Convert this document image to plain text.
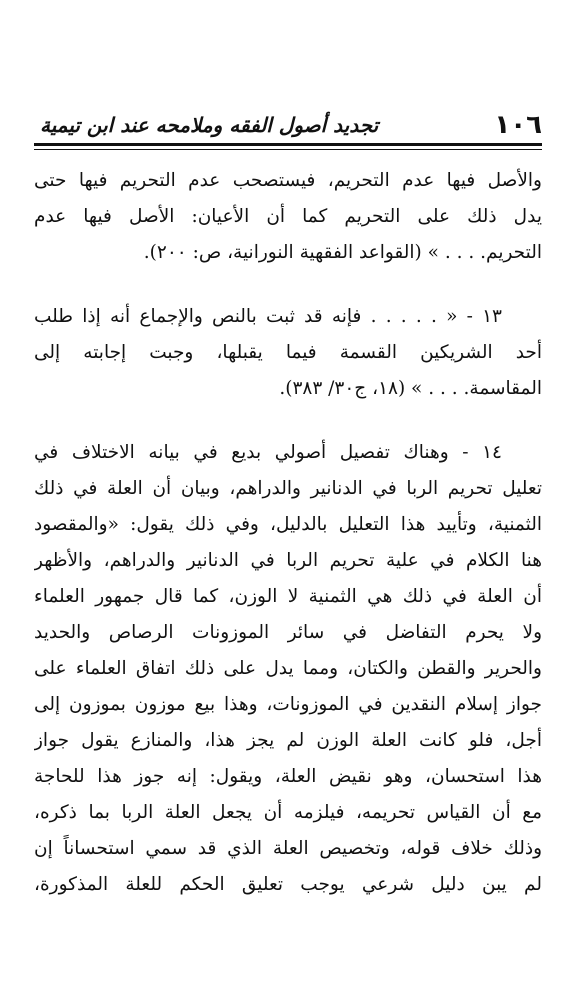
١٠٦
تجديد أصول الفقه وملامحه عند ابن تيمية
والأصل فيها عدم التحريم، فيستصحب عدم التحريم فيها حتى
يدل ذلك على التحريم كما أن الأعيان: الأصل فيها عدم
التحريم. . . . » (القواعد الفقهية النورانية، ص: ٢٠٠).
١٣ - « . . . . . فإنه قد ثبت بالنص والإجماع أنه إذا طلب
أحد الشريكين القسمة فيما يقبلها، وجبت إجابته إلى
المقاسمة. . . . » (١٨، ج٣٠/ ٣٨٣).
١٤ - وهناك تفصيل أصولي بديع في بيانه الاختلاف في
تعليل تحريم الربا في الدنانير والدراهم، وبيان أن العلة في ذلك
الثمنية، وتأييد هذا التعليل بالدليل، وفي ذلك يقول: «والمقصود
هنا الكلام في علية تحريم الربا في الدنانير والدراهم، والأظهر
أن العلة في ذلك هي الثمنية لا الوزن، كما قال جمهور العلماء
ولا يحرم التفاضل في سائر الموزونات الرصاص والحديد
والحرير والقطن والكتان، ومما يدل على ذلك اتفاق العلماء على
جواز إسلام النقدين في الموزونات، وهذا بيع موزون بموزون إلى
أجل، فلو كانت العلة الوزن لم يجز هذا، والمنازع يقول جواز
هذا استحسان، وهو نقيض العلة، ويقول: إنه جوز هذا للحاجة
مع أن القياس تحريمه، فيلزمه أن يجعل العلة الربا بما ذكره،
وذلك خلاف قوله، وتخصيص العلة الذي قد سمي استحساناً إن
لم يبن دليل شرعي يوجب تعليق الحكم للعلة المذكورة،
